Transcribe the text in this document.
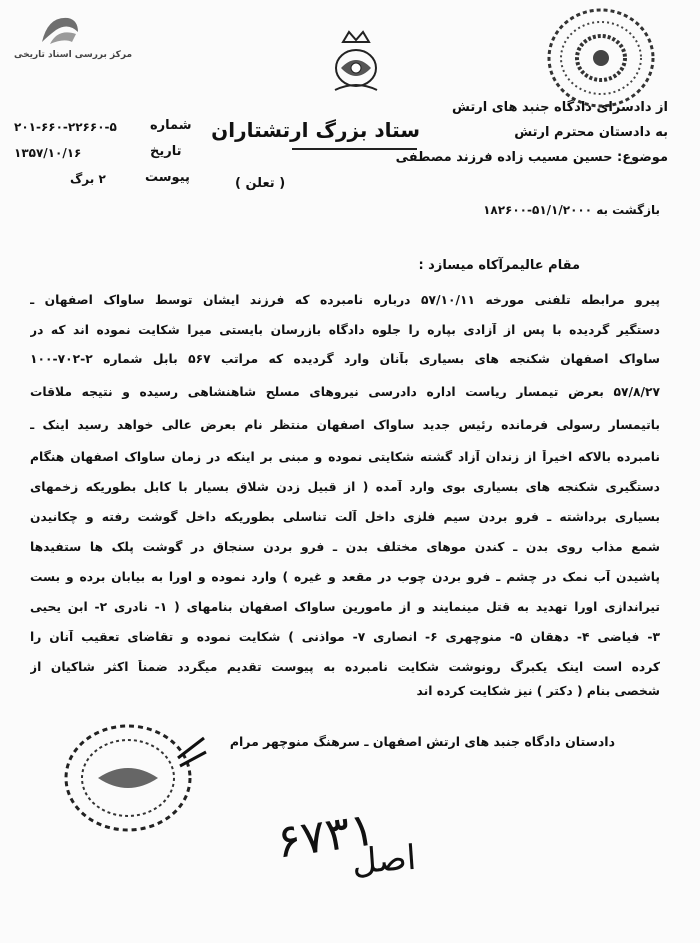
مرکز بررسی اسناد تاریخی
ستاد بزرگ ارتشتاران
از دادسرای دادگاه جنبد های ارتش
به دادستان محترم ارتش
موضوع: حسین مسیب زاده فرزند مصطفی
( تعلن )
بازگشت به ۵۱/۱/۲۰۰۰-۱۸۲۶۰۰
شماره
۲۰۱-۶۶۰-۲۲۶۶۰-۵
تاریخ
۱۳۵۷/۱۰/۱۶
پیوست
۲ برگ
مقام عالیمرآکاه میسازد :
پیرو مرابطه تلفنی مورخه ۵۷/۱۰/۱۱ درباره نامبرده که فرزند ایشان توسط ساواک اصفهان ـ
دستگیر گردیده با پس از آزادی بپاره را جلوه دادگاه بازرسان بایستی میرا شکایت نموده اند که در
ساواک اصفهان شکنجه های بسیاری بآنان وارد گردیده که مراتب ۵۶۷ بابل شماره ۲-۷۰۲-۱۰۰
۵۷/۸/۲۷ بعرض تیمسار ریاست اداره دادرسی نیروهای مسلح شاهنشاهی رسیده و نتیجه ملاقات
باتیمسار رسولی فرمانده رئیس جدید ساواک اصفهان منتظر نام بعرض عالی خواهد رسید اینک ـ
نامبرده بالاکه اخیراً از زندان آزاد گشته شکایتی نموده و مبنی بر اینکه در زمان ساواک اصفهان هنگام
دستگیری شکنجه های بسیاری بوی وارد آمده ( از قبیل زدن شلاق بسیار با کابل بطوریکه زخمهای
بسیاری برداشته ـ فرو بردن سیم فلزی داخل آلت تناسلی بطوریکه داخل گوشت رفته و چکانیدن
شمع مذاب روی بدن ـ کندن موهای مختلف بدن ـ فرو بردن سنجاق در گوشت پلک ها ستفیدها
پاشیدن آب نمک در چشم ـ فرو بردن چوب در مقعد و غیره ) وارد نموده و اورا به بیابان برده و بست
تیراندازی اورا تهدید به قتل مینمایند و از مامورین ساواک اصفهان بنامهای ( ۱- نادری ۲- ابن یحیی
۳- فیاضی ۴- دهقان ۵- منوچهری ۶- انصاری ۷- مواذنی ) شکایت نموده و تقاضای تعقیب آنان را
کرده است اینک یکبرگ رونوشت شکایت نامبرده به پیوست تقدیم میگردد ضمناً اکثر شاکیان از
شخصی بنام ( دکتر ) نیز شکایت کرده اند
دادستان دادگاه جنبد های ارتش اصفهان ـ سرهنگ منوچهر مرام
۶۷۳۱
اصل
